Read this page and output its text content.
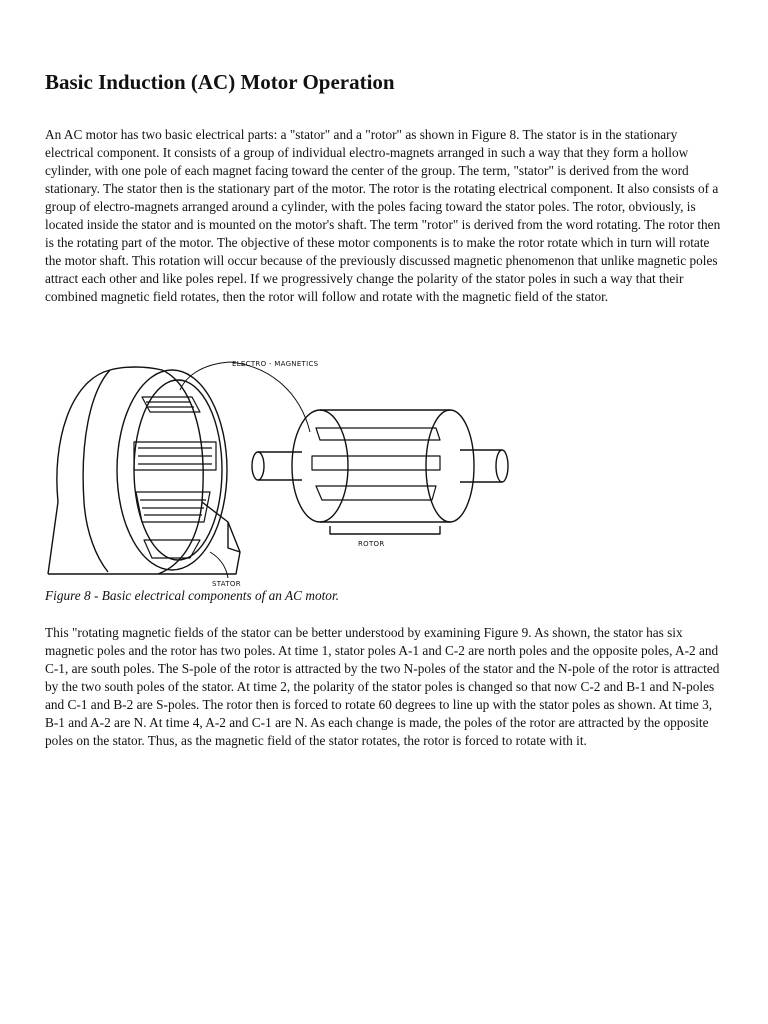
Basic Induction (AC) Motor Operation

An AC motor has two basic electrical parts: a "stator" and a "rotor" as shown in Figure 8. The stator is in the stationary electrical component. It consists of a group of individual electro-magnets arranged in such a way that they form a hollow cylinder, with one pole of each magnet facing toward the center of the group. The term, "stator" is derived from the word stationary. The stator then is the stationary part of the motor. The rotor is the rotating electrical component. It also consists of a group of electro-magnets arranged around a cylinder, with the poles facing toward the stator poles. The rotor, obviously, is located inside the stator and is mounted on the motor's shaft. The term "rotor" is derived from the word rotating. The rotor then is the rotating part of the motor. The objective of these motor components is to make the rotor rotate which in turn will rotate the motor shaft. This rotation will occur because of the previously discussed magnetic phenomenon that unlike magnetic poles attract each other and like poles repel. If we progressively change the polarity of the stator poles in such a way that their combined magnetic field rotates, then the rotor will follow and rotate with the magnetic field of the stator.

ELECTRO - MAGNETICS
ROTOR
STATOR

Figure 8 - Basic electrical components of an AC motor.

This "rotating magnetic fields of the stator can be better understood by examining Figure 9. As shown, the stator has six magnetic poles and the rotor has two poles. At time 1, stator poles A-1 and C-2 are north poles and the opposite poles, A-2 and C-1, are south poles. The S-pole of the rotor is attracted by the two N-poles of the stator and the N-pole of the rotor is attracted by the two south poles of the stator. At time 2, the polarity of the stator poles is changed so that now C-2 and B-1 and N-poles and C-1 and B-2 are S-poles. The rotor then is forced to rotate 60 degrees to line up with the stator poles as shown. At time 3, B-1 and A-2 are N. At time 4, A-2 and C-1 are N. As each change is made, the poles of the rotor are attracted by the opposite poles on the stator. Thus, as the magnetic field of the stator rotates, the rotor is forced to rotate with it.
